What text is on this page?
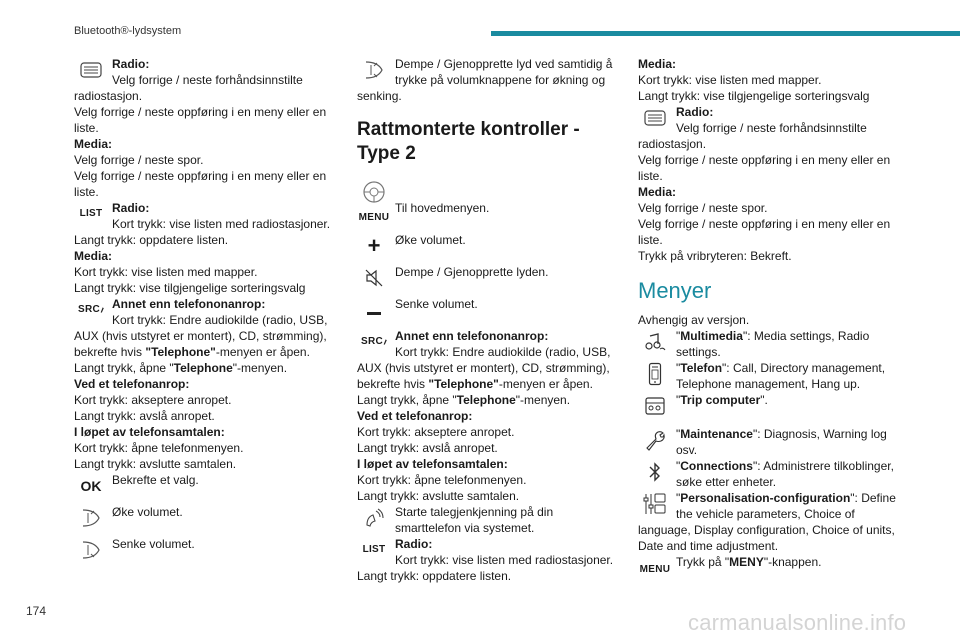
Bluetooth®-lydsystem

Radio:

Velg forrige / neste forhåndsinnstilte

radiostasjon.

Velg forrige / neste oppføring i en meny eller en

liste.

Media:

Velg forrige / neste spor.

Velg forrige / neste oppføring i en meny eller en

liste.

LIST Radio:

Kort trykk: vise listen med radiostasjoner.

Langt trykk: oppdatere listen.

Media:

Kort trykk: vise listen med mapper.

Langt trykk: vise tilgjengelige sorteringsvalg

SRC Annet enn telefononanrop:

Kort trykk: Endre audiokilde (radio, USB,

AUX (hvis utstyret er montert), CD, strømming),

bekrefte hvis "Telephone"-menyen er åpen.

Langt trykk, åpne "Telephone"-menyen.

Ved et telefonanrop:

Kort trykk: akseptere anropet.

Langt trykk: avslå anropet.

I løpet av telefonsamtalen:

Kort trykk: åpne telefonmenyen.

Langt trykk: avslutte samtalen.

OK Bekrefte et valg.

Øke volumet.

Senke volumet.

Dempe / Gjenopprette lyd ved samtidig å

trykke på volumknappene for økning og

senking.

Rattmonterte kontroller -
Type 2
MENU

Til hovedmenyen.

+ Øke volumet.

Dempe / Gjenopprette lyden.

Senke volumet.

SRC Annet enn telefononanrop:

Kort trykk: Endre audiokilde (radio, USB,

AUX (hvis utstyret er montert), CD, strømming),

bekrefte hvis "Telephone"-menyen er åpen.

Langt trykk, åpne "Telephone"-menyen.

Ved et telefonanrop:

Kort trykk: akseptere anropet.

Langt trykk: avslå anropet.

I løpet av telefonsamtalen:

Kort trykk: åpne telefonmenyen.

Langt trykk: avslutte samtalen.

Starte talegjenkjenning på din

smarttelefon via systemet.

LIST Radio:

Kort trykk: vise listen med radiostasjoner.

Langt trykk: oppdatere listen.

Media:

Kort trykk: vise listen med mapper.

Langt trykk: vise tilgjengelige sorteringsvalg

Radio:

Velg forrige / neste forhåndsinnstilte

radiostasjon.

Velg forrige / neste oppføring i en meny eller en

liste.

Media:

Velg forrige / neste spor.

Velg forrige / neste oppføring i en meny eller en

liste.

Trykk på vribryteren: Bekreft.

Menyer

Avhengig av versjon.

"Multimedia": Media settings, Radio

settings.

"Telefon": Call, Directory management,

Telephone management, Hang up.

"Trip computer".

"Maintenance": Diagnosis, Warning log

osv.

"Connections": Administrere tilkoblinger,

søke etter enheter.

"Personalisation-configuration": Define

the vehicle parameters, Choice of

language, Display configuration, Choice of units,

Date and time adjustment.

MENU

Trykk på "MENY"-knappen.

174	carmanualsonline.info
